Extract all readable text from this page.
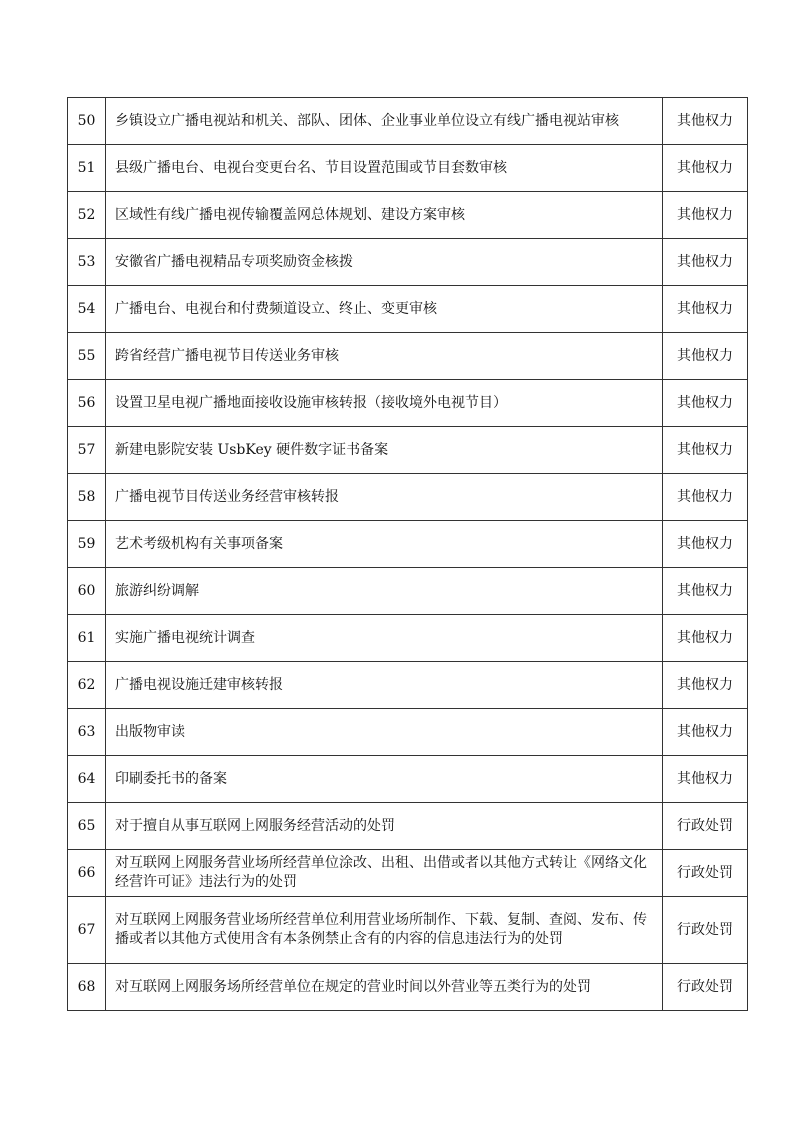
50	乡镇设立广播电视站和机关、部队、团体、企业事业单位设立有线广播电视站审核	其他权力
51	县级广播电台、电视台变更台名、节目设置范围或节目套数审核	其他权力
52	区域性有线广播电视传输覆盖网总体规划、建设方案审核	其他权力
53	安徽省广播电视精品专项奖励资金核拨	其他权力
54	广播电台、电视台和付费频道设立、终止、变更审核	其他权力
55	跨省经营广播电视节目传送业务审核	其他权力
56	设置卫星电视广播地面接收设施审核转报（接收境外电视节目）	其他权力
57	新建电影院安装 UsbKey 硬件数字证书备案	其他权力
58	广播电视节目传送业务经营审核转报	其他权力
59	艺术考级机构有关事项备案	其他权力
60	旅游纠纷调解	其他权力
61	实施广播电视统计调查	其他权力
62	广播电视设施迁建审核转报	其他权力
63	出版物审读	其他权力
64	印刷委托书的备案	其他权力
65	对于擅自从事互联网上网服务经营活动的处罚	行政处罚
66	对互联网上网服务营业场所经营单位涂改、出租、出借或者以其他方式转让《网络文化经营许可证》违法行为的处罚	行政处罚
67	对互联网上网服务营业场所经营单位利用营业场所制作、下载、复制、查阅、发布、传播或者以其他方式使用含有本条例禁止含有的内容的信息违法行为的处罚	行政处罚
68	对互联网上网服务场所经营单位在规定的营业时间以外营业等五类行为的处罚	行政处罚
